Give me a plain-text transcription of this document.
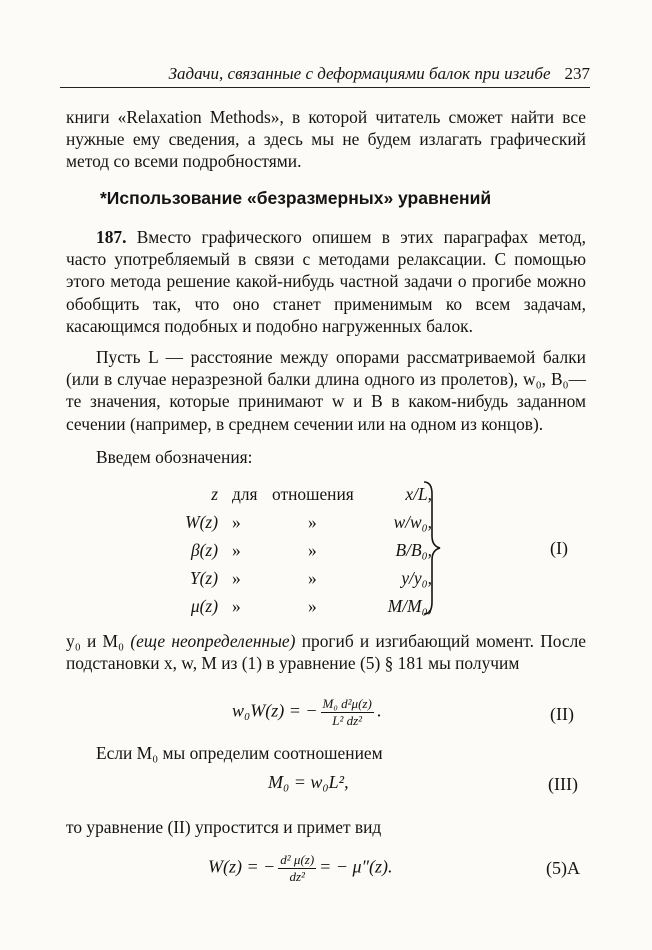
Задачи, связанные с деформациями балок при изгибе 237
книги «Relaxation Methods», в которой читатель сможет найти все нужные ему сведения, а здесь мы не будем излагать графический метод со всеми подробностями.
*Использование «безразмерных» уравнений
187. Вместо графического опишем в этих параграфах метод, часто употребляемый в связи с методами релаксации. С помощью этого метода решение какой-нибудь частной задачи о прогибе можно обобщить так, что оно станет применимым ко всем задачам, касающимся подобных и подобно нагруженных балок.
Пусть L — расстояние между опорами рассматриваемой балки (или в случае неразрезной балки длина одного из пролетов), w₀, B₀—те значения, которые принимают w и B в каком-нибудь заданном сечении (например, в среднем сечении или на одном из концов).
Введем обозначения:
z для отношения	x/L,
W(z) »	»	w/w₀,
β(z) »	»	B/B₀,
Y(z) »	»	y/y₀,
μ(z) »	»	M/M₀,
(I)
y₀ и M₀ (еще неопределенные) прогиб и изгибающий момент. После подстановки x, w, M из (1) в уравнение (5) § 181 мы получим
w₀W(z) = − $\frac{\text{M₀ d²μ(z)}}{\text{L² dz²}}$ .	(II)
Если M₀ мы определим соотношением
M₀ = w₀L²,	(III)
то уравнение (II) упростится и примет вид
W(z) = − $\frac{\text{d² μ(z)}}{\text{dz²}}$ = − μ″(z).	(5)A
